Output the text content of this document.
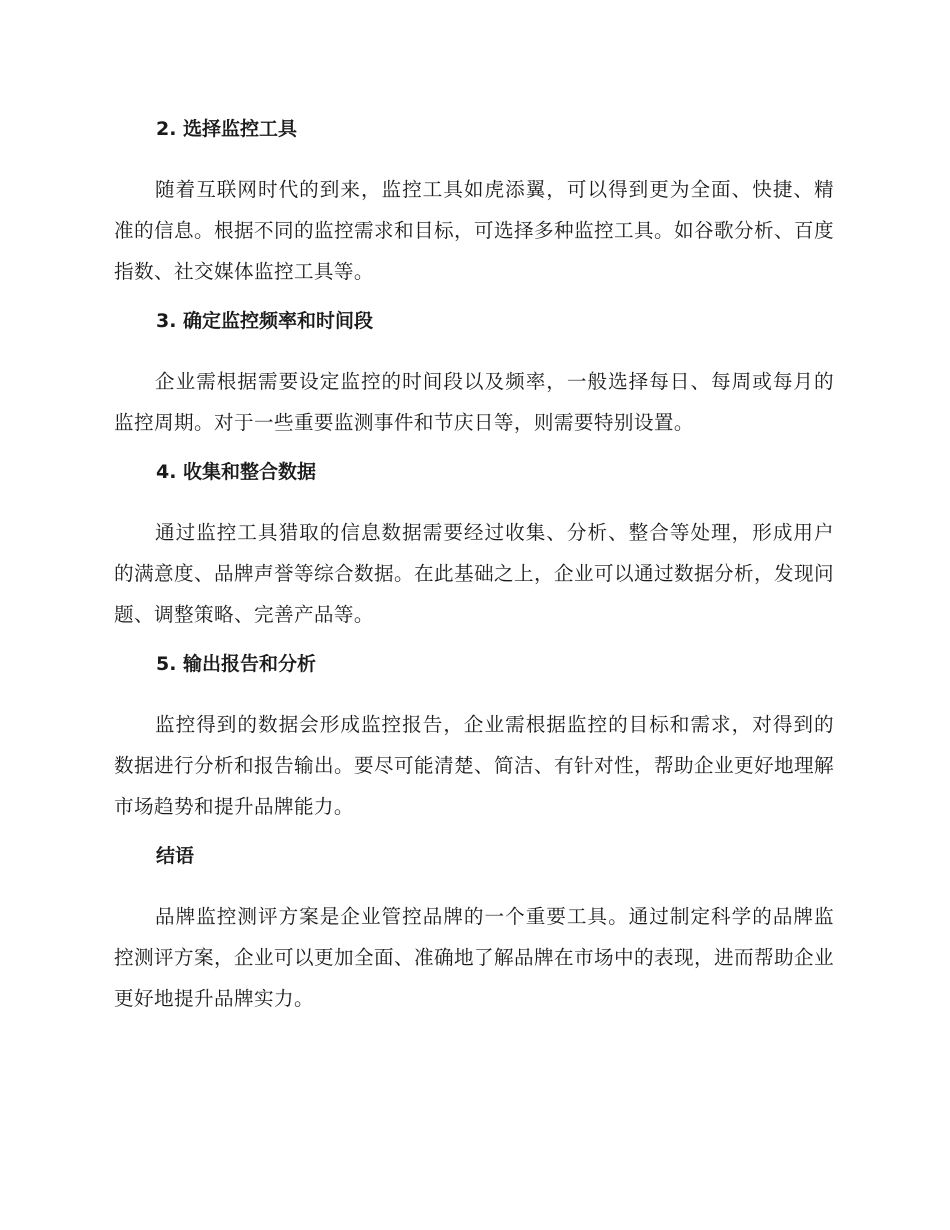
2. 选择监控工具

随着互联网时代的到来，监控工具如虎添翼，可以得到更为全面、快捷、精准的信息。根据不同的监控需求和目标，可选择多种监控工具。如谷歌分析、百度指数、社交媒体监控工具等。

3. 确定监控频率和时间段

企业需根据需要设定监控的时间段以及频率，一般选择每日、每周或每月的监控周期。对于一些重要监测事件和节庆日等，则需要特别设置。

4. 收集和整合数据

通过监控工具猎取的信息数据需要经过收集、分析、整合等处理，形成用户的满意度、品牌声誉等综合数据。在此基础之上，企业可以通过数据分析，发现问题、调整策略、完善产品等。

5. 输出报告和分析

监控得到的数据会形成监控报告，企业需根据监控的目标和需求，对得到的数据进行分析和报告输出。要尽可能清楚、简洁、有针对性，帮助企业更好地理解市场趋势和提升品牌能力。

结语

品牌监控测评方案是企业管控品牌的一个重要工具。通过制定科学的品牌监控测评方案，企业可以更加全面、准确地了解品牌在市场中的表现，进而帮助企业更好地提升品牌实力。
